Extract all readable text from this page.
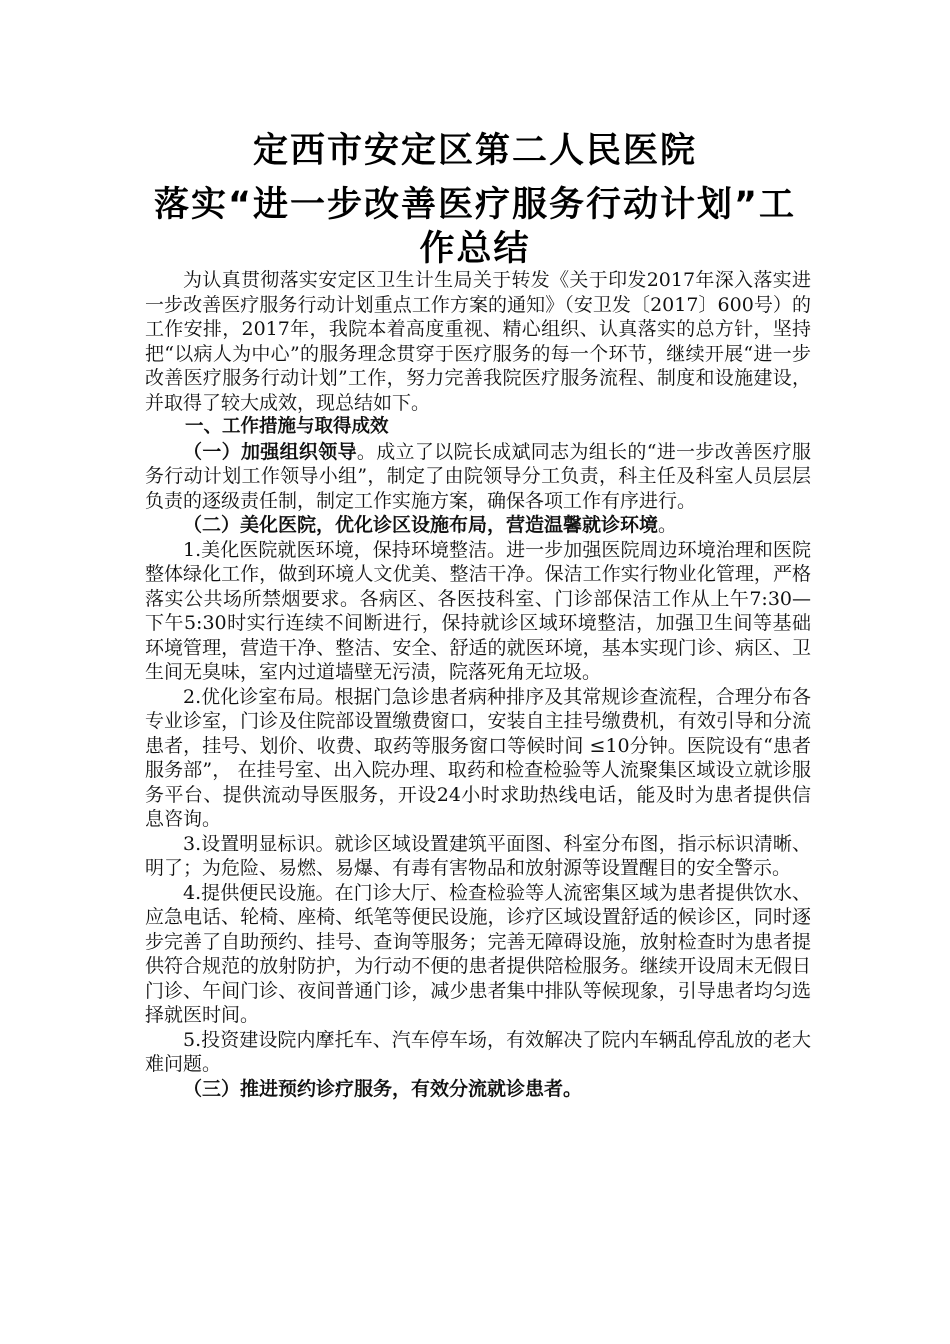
定西市安定区第二人民医院
落实“进一步改善医疗服务行动计划”工
作总结

为认真贯彻落实安定区卫生计生局关于转发《关于印发2017年深入落实进一步改善医疗服务行动计划重点工作方案的通知》（安卫发〔2017〕600号）的工作安排，2017年，我院本着高度重视、精心组织、认真落实的总方针，坚持把“以病人为中心”的服务理念贯穿于医疗服务的每一个环节，继续开展“进一步改善医疗服务行动计划”工作，努力完善我院医疗服务流程、制度和设施建设，并取得了较大成效，现总结如下。

一、工作措施与取得成效

（一）加强组织领导。成立了以院长成斌同志为组长的“进一步改善医疗服务行动计划工作领导小组”，制定了由院领导分工负责，科主任及科室人员层层负责的逐级责任制，制定工作实施方案，确保各项工作有序进行。

（二）美化医院，优化诊区设施布局，营造温馨就诊环境。

1.美化医院就医环境，保持环境整洁。进一步加强医院周边环境治理和医院整体绿化工作，做到环境人文优美、整洁干净。保洁工作实行物业化管理，严格落实公共场所禁烟要求。各病区、各医技科室、门诊部保洁工作从上午7:30—下午5:30时实行连续不间断进行，保持就诊区域环境整洁，加强卫生间等基础环境管理，营造干净、整洁、安全、舒适的就医环境，基本实现门诊、病区、卫生间无臭味，室内过道墙壁无污渍，院落死角无垃圾。

2.优化诊室布局。根据门急诊患者病种排序及其常规诊查流程，合理分布各专业诊室，门诊及住院部设置缴费窗口，安装自主挂号缴费机，有效引导和分流患者，挂号、划价、收费、取药等服务窗口等候时间 ≤10分钟。医院设有“患者服务部”， 在挂号室、出入院办理、取药和检查检验等人流聚集区域设立就诊服务平台、提供流动导医服务，开设24小时求助热线电话，能及时为患者提供信息咨询。

3.设置明显标识。就诊区域设置建筑平面图、科室分布图，指示标识清晰、明了；为危险、易燃、易爆、有毒有害物品和放射源等设置醒目的安全警示。

4.提供便民设施。在门诊大厅、检查检验等人流密集区域为患者提供饮水、应急电话、轮椅、座椅、纸笔等便民设施，诊疗区域设置舒适的候诊区，同时逐步完善了自助预约、挂号、查询等服务；完善无障碍设施，放射检查时为患者提供符合规范的放射防护，为行动不便的患者提供陪检服务。继续开设周末无假日门诊、午间门诊、夜间普通门诊，减少患者集中排队等候现象，引导患者均匀选择就医时间。

5.投资建设院内摩托车、汽车停车场，有效解决了院内车辆乱停乱放的老大难问题。

（三）推进预约诊疗服务，有效分流就诊患者。
